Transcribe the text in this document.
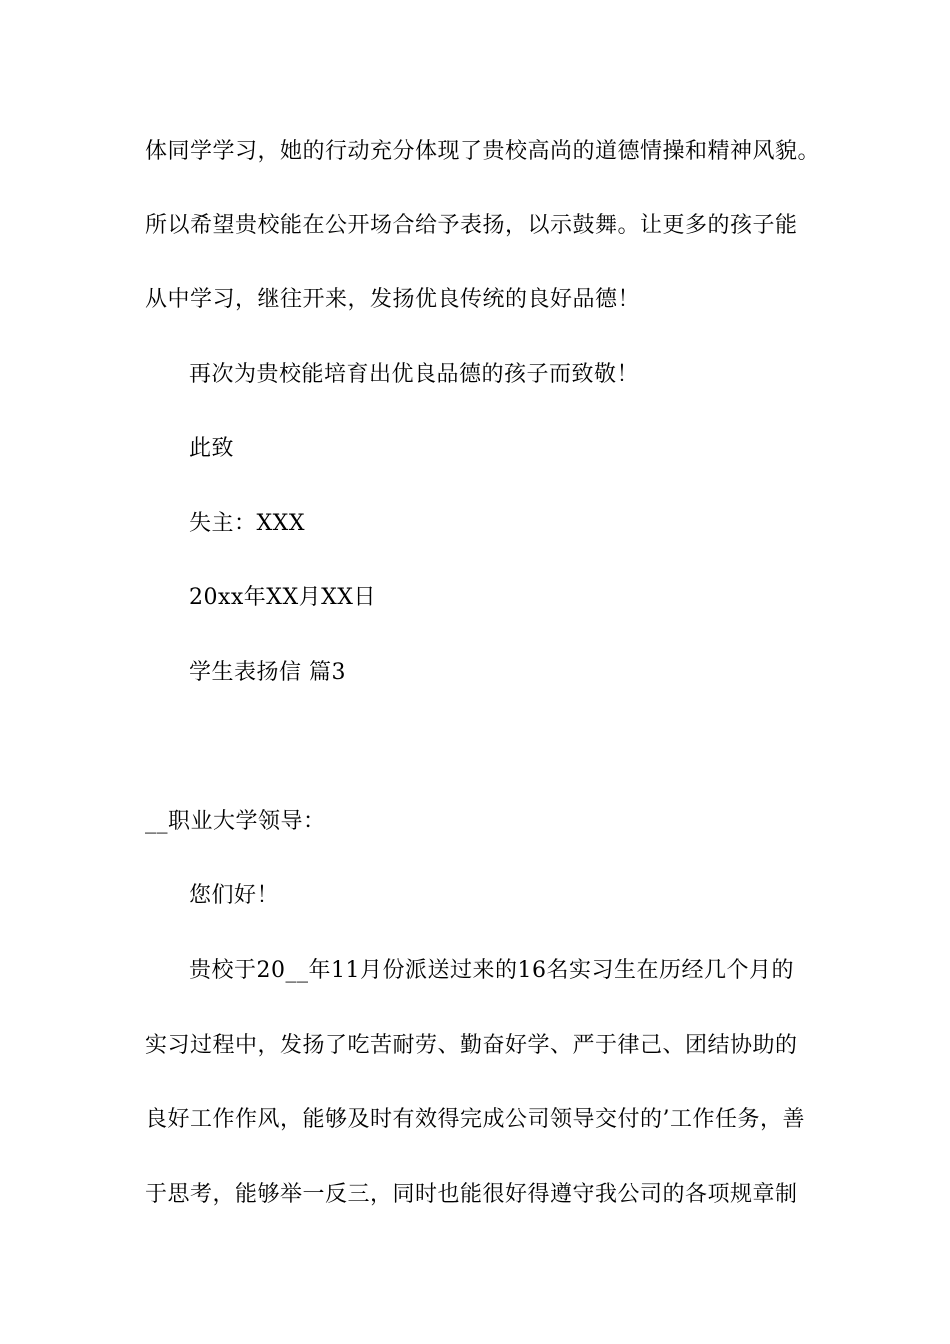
体同学学习，她的行动充分体现了贵校高尚的道德情操和精神风貌。
所以希望贵校能在公开场合给予表扬，以示鼓舞。让更多的孩子能
从中学习，继往开来，发扬优良传统的良好品德！
再次为贵校能培育出优良品德的孩子而致敬！
此致
失主：XXX
20xx年XX月XX日
学生表扬信 篇3
__职业大学领导：
您们好！
贵校于20__年11月份派送过来的16名实习生在历经几个月的
实习过程中，发扬了吃苦耐劳、勤奋好学、严于律己、团结协助的
良好工作作风，能够及时有效得完成公司领导交付的’工作任务，善
于思考，能够举一反三，同时也能很好得遵守我公司的各项规章制
